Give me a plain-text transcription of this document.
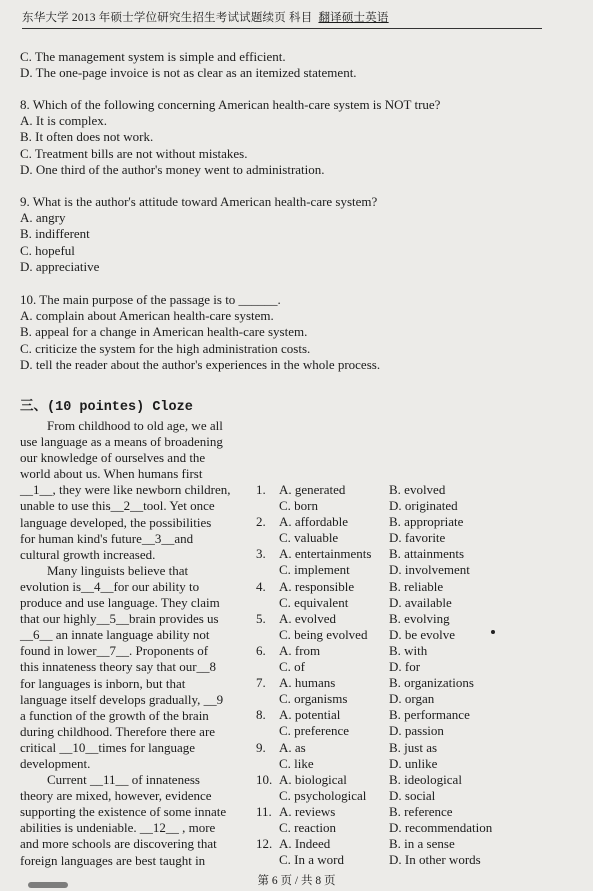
东华大学 2013 年硕士学位研究生招生考试试题续页 科目 翻译硕士英语
C. The management system is simple and efficient.
D. The one-page invoice is not as clear as an itemized statement.
8. Which of the following concerning American health-care system is NOT true?
A. It is complex.
B. It often does not work.
C. Treatment bills are not without mistakes.
D. One third of the author's money went to administration.
9. What is the author's attitude toward American health-care system?
A. angry
B. indifferent
C. hopeful
D. appreciative
10. The main purpose of the passage is to ______.
A. complain about American health-care system.
B. appeal for a change in American health-care system.
C. criticize the system for the high administration costs.
D. tell the reader about the author's experiences in the whole process.
三、(10 pointes) Cloze
From childhood to old age, we all
use language as a means of broadening
our knowledge of ourselves and the
world about us. When humans first
__1__, they were like newborn children,
unable to use this__2__tool. Yet once
language developed, the possibilities
for human kind's future__3__and
cultural growth increased.
Many linguists believe that
evolution is__4__for our ability to
produce and use language. They claim
that our highly__5__brain provides us
__6__ an innate language ability not
found in lower__7__. Proponents of
this innateness theory say that our__8
for languages is inborn, but that
language itself develops gradually, __9
a function of the growth of the brain
during childhood. Therefore there are
critical __10__times for language
development.
Current __11__ of innateness
theory are mixed, however, evidence
supporting the existence of some innate
abilities is undeniable. __12__ , more
and more schools are discovering that
foreign languages are best taught in
1.	A. generated	B. evolved
C. born	D. originated
2.	A. affordable	B. appropriate
C. valuable	D. favorite
3.	A. entertainments	B. attainments
C. implement	D. involvement
4.	A. responsible	B. reliable
C. equivalent	D. available
5.	A. evolved	B. evolving
C. being evolved	D. be evolve
6.	A. from	B. with
C. of	D. for
7.	A. humans	B. organizations
C. organisms	D. organ
8.	A. potential	B. performance
C. preference	D. passion
9.	A. as	B. just as
C. like	D. unlike
10. A. biological	B. ideological
C. psychological	D. social
11. A. reviews	B. reference
C. reaction	D. recommendation
12. A. Indeed	B. in a sense
C. In a word	D. In other words
第 6 页 / 共 8 页
